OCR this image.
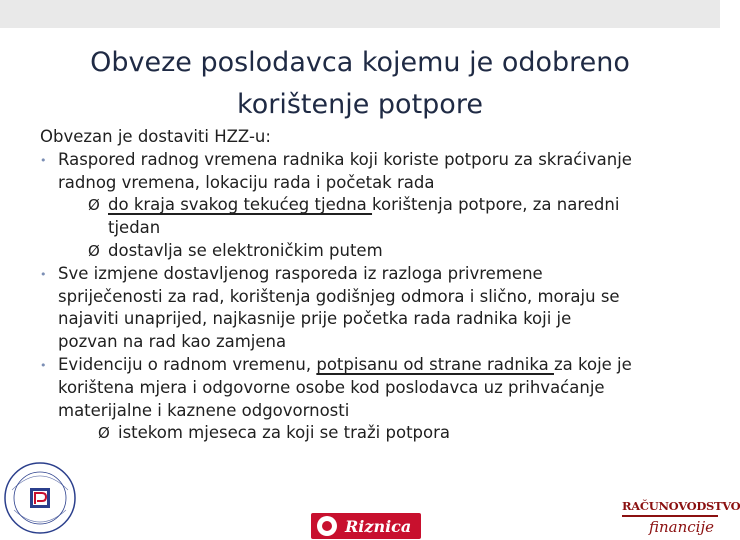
Obveze poslodavca kojemu je odobreno
korištenje potpore
Obvezan je dostaviti HZZ-u:
• Raspored radnog vremena radnika koji koriste potporu za skraćivanje
radnog vremena, lokaciju rada i početak rada
Ø do kraja svakog tekućeg tjedna korištenja potpore, za naredni
tjedan
Ø dostavlja se elektroničkim putem
• Sve izmjene dostavljenog rasporeda iz razloga privremene
spriječenosti za rad, korištenja godišnjeg odmora i slično, moraju se
najaviti unaprijed, najkasnije prije početka rada radnika koji je
pozvan na rad kao zamjena
• Evidenciju o radnom vremenu, potpisanu od strane radnika za koje je
korištena mjera i odgovorne osobe kod poslodavca uz prihvaćanje
materijalne i kaznene odgovornosti
Ø istekom mjeseca za koji se traži potpora
Riznica
RAČUNOVODSTVO
financije
